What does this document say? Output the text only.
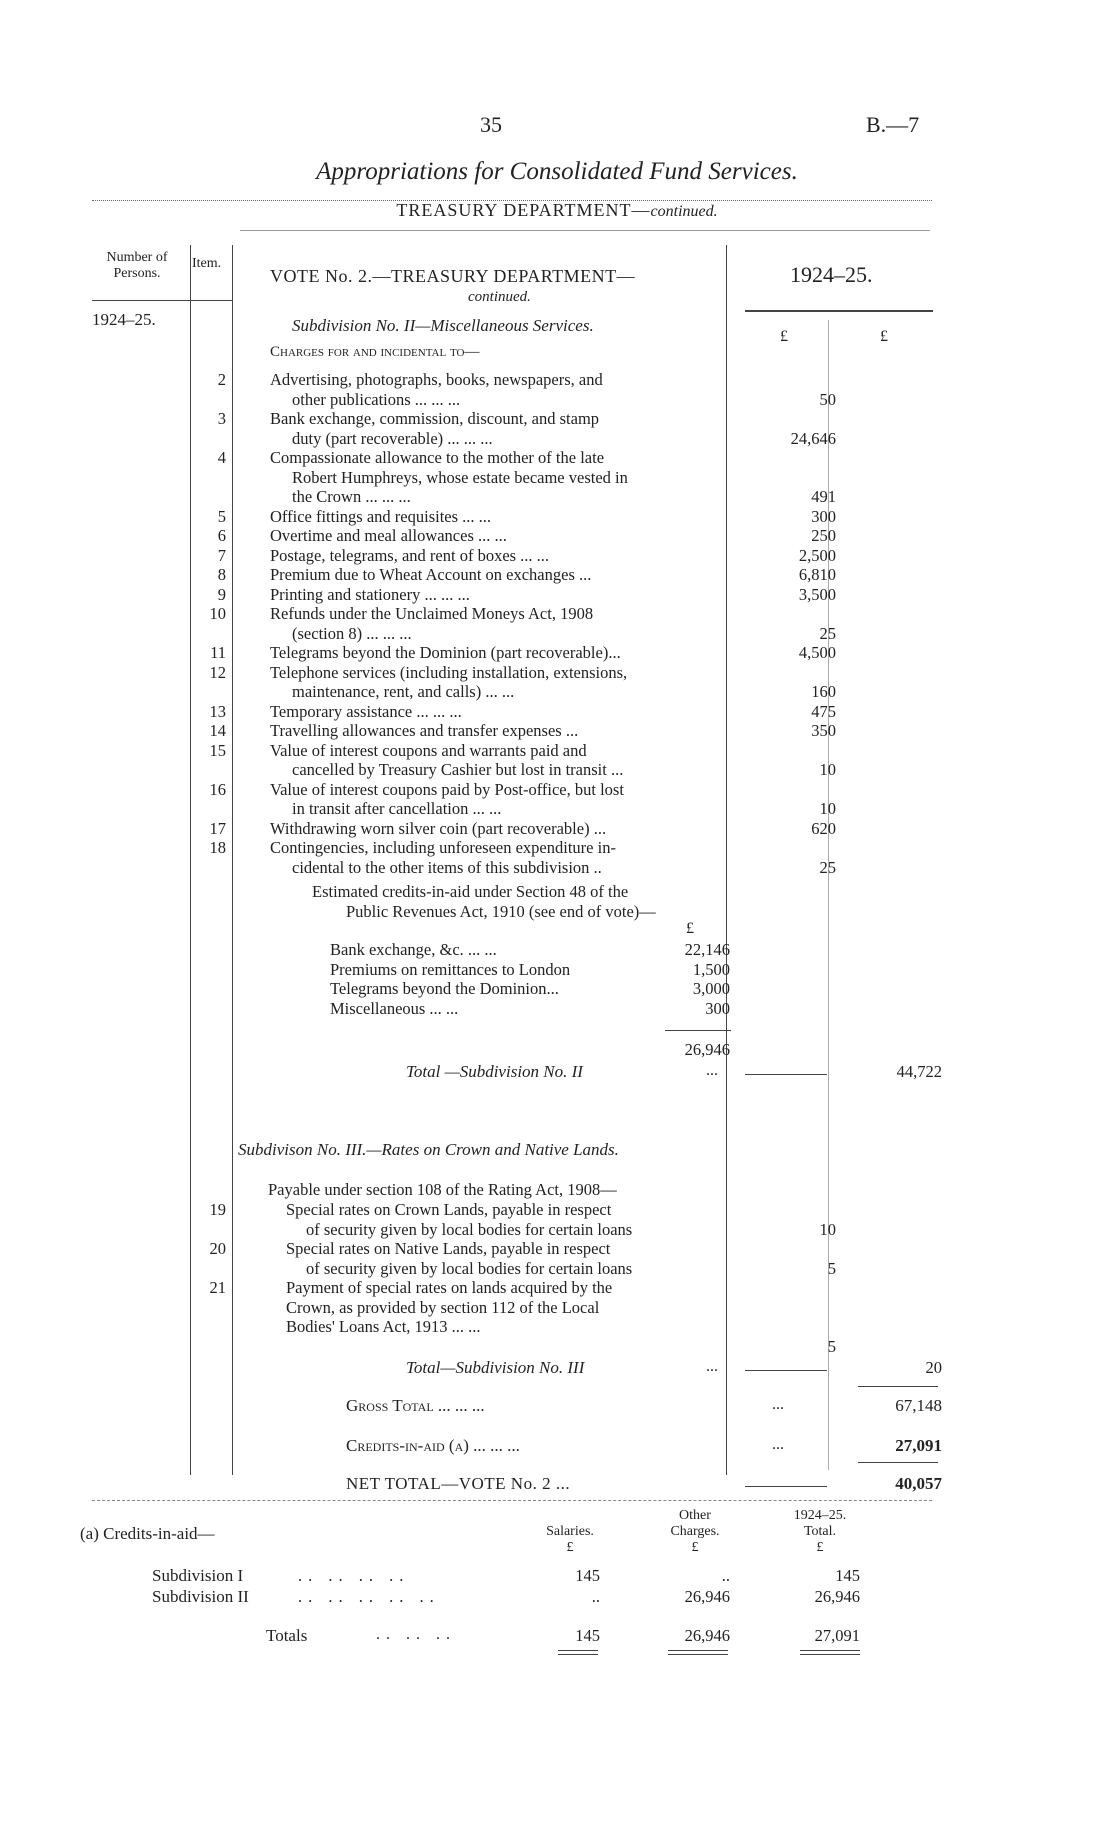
35	B.—7
Appropriations for Consolidated Fund Services.
TREASURY DEPARTMENT—continued.
Number of Persons.
Item.
VOTE No. 2.—TREASURY DEPARTMENT—
continued.
1924–25.
1924–25.
£	£
Subdivision No. II—Miscellaneous Services.
Charges for and incidental to—
2	Advertising, photographs, books, newspapers, and
other publications ... ... ...	50
3	Bank exchange, commission, discount, and stamp
duty (part recoverable) ... ... ...	24,646
4	Compassionate allowance to the mother of the late
Robert Humphreys, whose estate became vested in
the Crown ... ... ...	491
5	Office fittings and requisites ... ...	300
6	Overtime and meal allowances ... ...	250
7	Postage, telegrams, and rent of boxes ... ...	2,500
8	Premium due to Wheat Account on exchanges ...	6,810
9	Printing and stationery ... ... ...	3,500
10	Refunds under the Unclaimed Moneys Act, 1908
(section 8) ... ... ...	25
11	Telegrams beyond the Dominion (part recoverable)...	4,500
12	Telephone services (including installation, extensions,
maintenance, rent, and calls) ... ...	160
13	Temporary assistance ... ... ...	475
14	Travelling allowances and transfer expenses ...	350
15	Value of interest coupons and warrants paid and
cancelled by Treasury Cashier but lost in transit ...	10
16	Value of interest coupons paid by Post-office, but lost
in transit after cancellation ... ...	10
17	Withdrawing worn silver coin (part recoverable) ...	620
18	Contingencies, including unforeseen expenditure in-
cidental to the other items of this subdivision ..	25
Estimated credits-in-aid under Section 48 of the
Public Revenues Act, 1910 (see end of vote)—
£
Bank exchange, &c. ... ...	22,146
Premiums on remittances to London	1,500
Telegrams beyond the Dominion...	3,000
Miscellaneous ... ...	300
26,946
Total —Subdivision No. II	...	44,722
Subdivison No. III.—Rates on Crown and Native Lands.
Payable under section 108 of the Rating Act, 1908—
19	Special rates on Crown Lands, payable in respect
of security given by local bodies for certain loans	10
20	Special rates on Native Lands, payable in respect
of security given by local bodies for certain loans	5
21	Payment of special rates on lands acquired by the
Crown, as provided by section 112 of the Local
Bodies' Loans Act, 1913 ... ...
5
Total—Subdivision No. III	...	20
Gross Total ... ... ...	...	67,148
Credits-in-aid (a) ... ... ...	...	27,091
NET TOTAL—VOTE No. 2 ...	40,057
(a) Credits-in-aid—	Salaries.
£
Other
Charges.
£
1924–25.
Total.
£
Subdivision I	.. .. .. ..	145	..	145
Subdivision II	.. .. .. .. ..	..	26,946	26,946
Totals	.. .. ..	145	26,946	27,091
